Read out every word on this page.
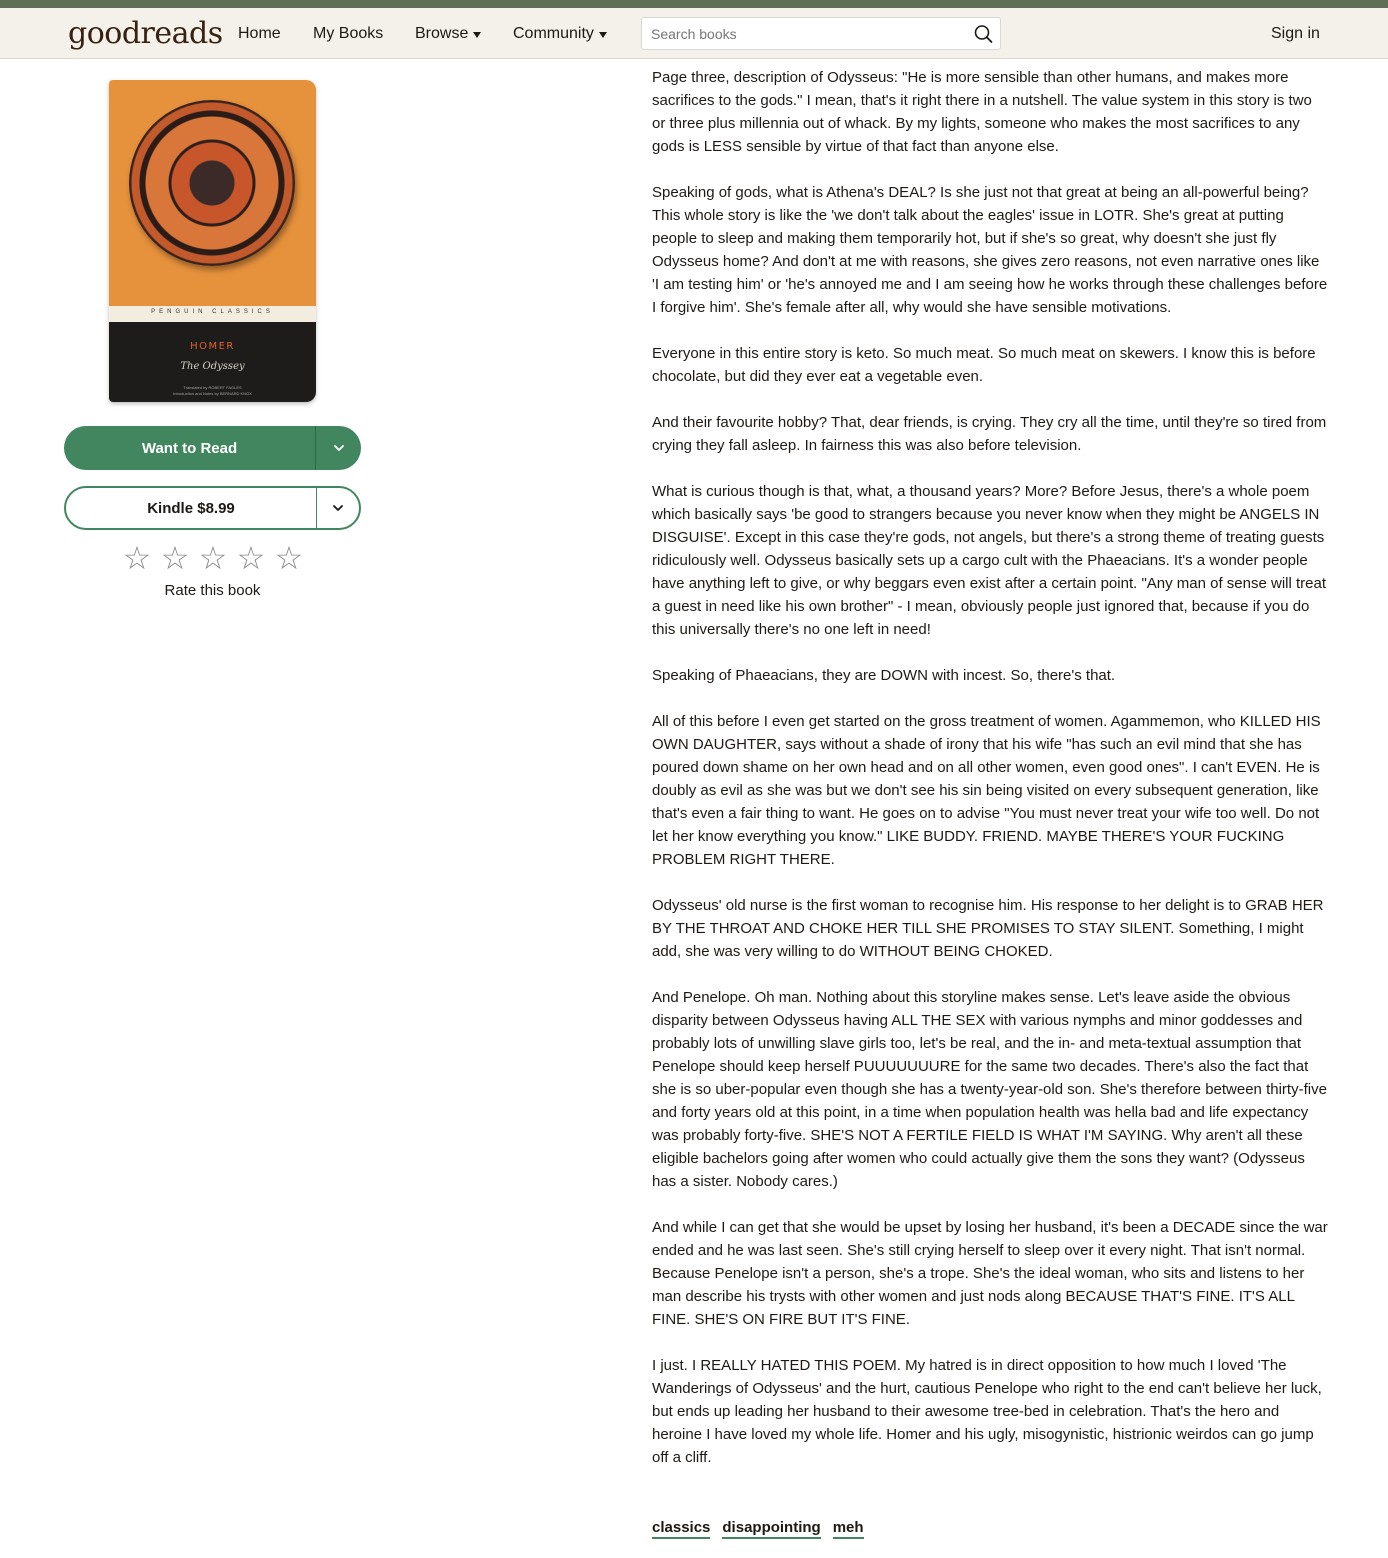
goodreads Home My Books Browse	Community
Search books	Sign in
PENGUIN CLASSICS
HOMER
The Odyssey
Translated by ROBERT FAGLES
Introduction and Notes by BERNARD KNOX
Want to Read
Kindle $8.99
☆ ☆ ☆ ☆ ☆
Rate this book

Page three, description of Odysseus: "He is more sensible than other humans, and makes more sacrifices to the gods." I mean, that's it right there in a nutshell. The value system in this story is two or three plus millennia out of whack. By my lights, someone who makes the most sacrifices to any gods is LESS sensible by virtue of that fact than anyone else.

Speaking of gods, what is Athena's DEAL? Is she just not that great at being an all-powerful being? This whole story is like the 'we don't talk about the eagles' issue in LOTR. She's great at putting people to sleep and making them temporarily hot, but if she's so great, why doesn't she just fly Odysseus home? And don't at me with reasons, she gives zero reasons, not even narrative ones like 'I am testing him' or 'he's annoyed me and I am seeing how he works through these challenges before I forgive him'. She's female after all, why would she have sensible motivations.

Everyone in this entire story is keto. So much meat. So much meat on skewers. I know this is before chocolate, but did they ever eat a vegetable even.

And their favourite hobby? That, dear friends, is crying. They cry all the time, until they're so tired from crying they fall asleep. In fairness this was also before television.

What is curious though is that, what, a thousand years? More? Before Jesus, there's a whole poem which basically says 'be good to strangers because you never know when they might be ANGELS IN DISGUISE'. Except in this case they're gods, not angels, but there's a strong theme of treating guests ridiculously well. Odysseus basically sets up a cargo cult with the Phaeacians. It's a wonder people have anything left to give, or why beggars even exist after a certain point. "Any man of sense will treat a guest in need like his own brother" - I mean, obviously people just ignored that, because if you do this universally there's no one left in need!

Speaking of Phaeacians, they are DOWN with incest. So, there's that.

All of this before I even get started on the gross treatment of women. Agammemon, who KILLED HIS OWN DAUGHTER, says without a shade of irony that his wife "has such an evil mind that she has poured down shame on her own head and on all other women, even good ones". I can't EVEN. He is doubly as evil as she was but we don't see his sin being visited on every subsequent generation, like that's even a fair thing to want. He goes on to advise "You must never treat your wife too well. Do not let her know everything you know." LIKE BUDDY. FRIEND. MAYBE THERE'S YOUR FUCKING PROBLEM RIGHT THERE.

Odysseus' old nurse is the first woman to recognise him. His response to her delight is to GRAB HER BY THE THROAT AND CHOKE HER TILL SHE PROMISES TO STAY SILENT. Something, I might add, she was very willing to do WITHOUT BEING CHOKED.

And Penelope. Oh man. Nothing about this storyline makes sense. Let's leave aside the obvious disparity between Odysseus having ALL THE SEX with various nymphs and minor goddesses and probably lots of unwilling slave girls too, let's be real, and the in- and meta-textual assumption that Penelope should keep herself PUUUUUUURE for the same two decades. There's also the fact that she is so uber-popular even though she has a twenty-year-old son. She's therefore between thirty-five and forty years old at this point, in a time when population health was hella bad and life expectancy was probably forty-five. SHE'S NOT A FERTILE FIELD IS WHAT I'M SAYING. Why aren't all these eligible bachelors going after women who could actually give them the sons they want? (Odysseus has a sister. Nobody cares.)

And while I can get that she would be upset by losing her husband, it's been a DECADE since the war ended and he was last seen. She's still crying herself to sleep over it every night. That isn't normal. Because Penelope isn't a person, she's a trope. She's the ideal woman, who sits and listens to her man describe his trysts with other women and just nods along BECAUSE THAT'S FINE. IT'S ALL FINE. SHE'S ON FIRE BUT IT'S FINE.

I just. I REALLY HATED THIS POEM. My hatred is in direct opposition to how much I loved 'The Wanderings of Odysseus' and the hurt, cautious Penelope who right to the end can't believe her luck, but ends up leading her husband to their awesome tree-bed in celebration. That's the hero and heroine I have loved my whole life. Homer and his ugly, misogynistic, histrionic weirdos can go jump off a cliff.

classics disappointing meh
